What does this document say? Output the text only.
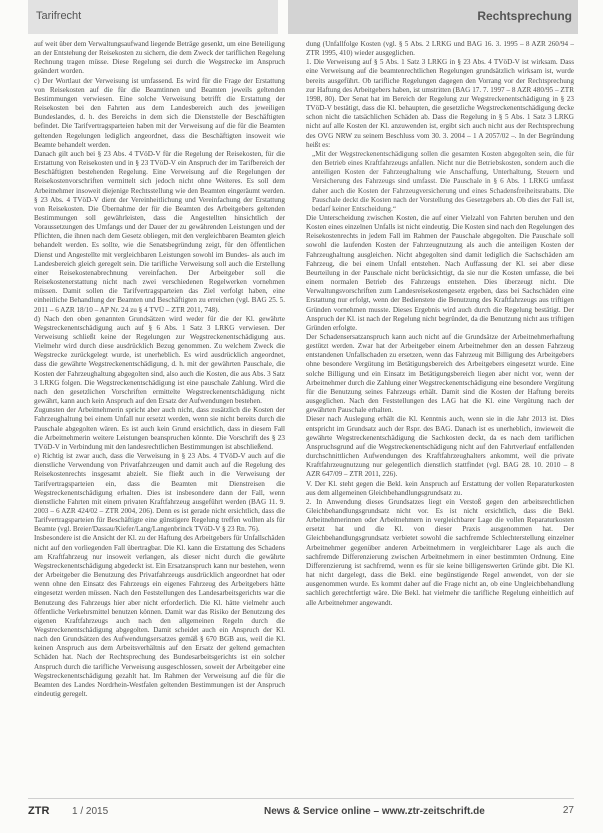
Tarifrecht	Rechtsprechung

auf weit über dem Verwaltungsaufwand liegende Beträge gesenkt, um eine Beteiligung an der Entstehung der Reisekosten zu sichern, die dem Zweck der tariflichen Regelung Rechnung tragen müsse. Diese Regelung sei durch die Wegstrecke im Anspruch geändert worden.

c) Der Wortlaut der Verweisung ist umfassend. Es wird für die Frage der Erstattung von Reisekosten auf die für die Beamtinnen und Beamten jeweils geltenden Bestimmungen verwiesen. Eine solche Verweisung betrifft die Erstattung der Reisekosten bei den Fahrten aus dem Landesbereich auch des jeweiligen Bundeslandes, d. h. des Bereichs in dem sich die Dienststelle der Beschäftigten befindet. Die Tarifvertragsparteien haben mit der Verweisung auf die für die Beamten geltenden Regelungen lediglich angeordnet, dass die Beschäftigten insoweit wie Beamte behandelt werden.

Danach gilt auch bei § 23 Abs. 4 TVöD-V für die Regelung der Reisekosten, für die Erstattung von Reisekosten und in § 23 TVöD-V ein Anspruch der im Tarifbereich der Beschäftigten bestehenden Regelung. Eine Verweisung auf die Regelungen der Reisekostenvorschriften vermittelt sich jedoch nicht ohne Weiteres. Es soll dem Arbeitnehmer insoweit diejenige Rechtsstellung wie den Beamten eingeräumt werden. § 23 Abs. 4 TVöD-V dient der Vereinheitlichung und Vereinfachung der Erstattung von Reisekosten. Die Übernahme der für die Beamten des Arbeitgebers geltenden Bestimmungen soll gewährleisten, dass die Angestellten hinsichtlich der Voraussetzungen des Umfangs und der Dauer der zu gewährenden Leistungen und der Pflichten, die ihnen nach dem Gesetz obliegen, mit den vergleichbaren Beamten gleich behandelt werden. Es sollte, wie die Senatsbegründung zeigt, für den öffentlichen Dienst und Angestellte mit vergleichbaren Leistungen sowohl im Bundes- als auch im Landesbereich gleich geregelt sein. Die tarifliche Verweisung soll auch die Erstellung einer Reisekostenabrechnung vereinfachen. Der Arbeitgeber soll die Reisekostenerstattung nicht nach zwei verschiedenen Regelwerken vornehmen müssen. Damit sollen die Tarifvertragsparteien das Ziel verfolgt haben, eine einheitliche Behandlung der Beamten und Beschäftigten zu erreichen (vgl. BAG 25. 5. 2011 – 6 AZR 18/10 – AP Nr. 24 zu § 4 TVÜ – ZTR 2011, 748).

d) Nach den oben genannten Grundsätzen wird weder für die der Kl. gewährte Wegstreckenentschädigung auch auf § 6 Abs. 1 Satz 3 LRKG verwiesen. Der Verweisung schließt keine der Regelungen zur Wegstreckenentschädigung aus. Vielmehr wird durch diese ausdrücklich Bezug genommen. Zu welchem Zweck die Wegstrecke zurückgelegt wurde, ist unerheblich. Es wird ausdrücklich angeordnet, dass die gewährte Wegstreckenentschädigung, d. h. mit der gewährten Pauschale, die Kosten der Fahrzeughaltung abgegolten sind, also auch die Kosten, die aus Abs. 3 Satz 3 LRKG folgen. Die Wegstreckenentschädigung ist eine pauschale Zahlung. Wird die nach den gesetzlichen Vorschriften ermittelte Wegstreckenentschädigung nicht gewährt, kann auch kein Anspruch auf den Ersatz der Aufwendungen bestehen.

Zugunsten der Arbeitnehmerin spricht aber auch nicht, dass zusätzlich die Kosten der Fahrzeughaltung bei einem Unfall nur ersetzt werden, wenn sie nicht bereits durch die Pauschale abgegolten wären. Es ist auch kein Grund ersichtlich, dass in diesem Fall die Arbeitnehmerin weitere Leistungen beanspruchen könnte. Die Vorschrift des § 23 TVöD-V in Verbindung mit den landesrechtlichen Bestimmungen ist abschließend.

e) Richtig ist zwar auch, dass die Verweisung in § 23 Abs. 4 TVöD-V auch auf die dienstliche Verwendung von Privatfahrzeugen und damit auch auf die Regelung des Reisekostenrechts insgesamt abzielt. Sie fließt auch in die Verweisung der Tarifvertragsparteien ein, dass die Beamten mit Dienstreisen die Wegstreckenentschädigung erhalten. Dies ist insbesondere dann der Fall, wenn dienstliche Fahrten mit einem privaten Kraftfahrzeug ausgeführt werden (BAG 11. 9. 2003 – 6 AZR 424/02 – ZTR 2004, 206). Denn es ist gerade nicht ersichtlich, dass die Tarifvertragsparteien für Beschäftigte eine günstigere Regelung treffen wollten als für Beamte (vgl. Breier/Dassau/Kiefer/Lang/Langenbrinck TVöD-V § 23 Rn. 76).

Insbesondere ist die Ansicht der Kl. zu der Haftung des Arbeitgebers für Unfallschäden nicht auf den vorliegenden Fall übertragbar. Die Kl. kann die Erstattung des Schadens am Kraftfahrzeug nur insoweit verlangen, als dieser nicht durch die gewährte Wegstreckenentschädigung abgedeckt ist. Ein Ersatzanspruch kann nur bestehen, wenn der Arbeitgeber die Benutzung des Privatfahrzeugs ausdrücklich angeordnet hat oder wenn ohne den Einsatz des Fahrzeugs ein eigenes Fahrzeug des Arbeitgebers hätte eingesetzt werden müssen. Nach den Feststellungen des Landesarbeitsgerichts war die Benutzung des Fahrzeugs hier aber nicht erforderlich. Die Kl. hätte vielmehr auch öffentliche Verkehrsmittel benutzen können. Damit war das Risiko der Benutzung des eigenen Kraftfahrzeugs auch nach den allgemeinen Regeln durch die Wegstreckenentschädigung abgegolten. Damit scheidet auch ein Anspruch der Kl. nach den Grundsätzen des Aufwendungsersatzes gemäß § 670 BGB aus, weil die Kl. keinen Anspruch aus dem Arbeitsverhältnis auf den Ersatz der geltend gemachten Schäden hat. Nach der Rechtsprechung des Bundesarbeitsgerichts ist ein solcher Anspruch durch die tarifliche Verweisung ausgeschlossen, soweit der Arbeitgeber eine Wegstreckenentschädigung gezahlt hat. Im Rahmen der Verweisung auf die für die Beamten des Landes Nordrhein-Westfalen geltenden Bestimmungen ist der Anspruch eindeutig geregelt.

dung (Unfallfolge Kosten (vgl. § 5 Abs. 2 LRKG und BAG 16. 3. 1995 – 8 AZR 260/94 – ZTR 1995, 410) wieder ausgeglichen.

1. Die Verweisung auf § 5 Abs. 1 Satz 3 LRKG in § 23 Abs. 4 TVöD-V ist wirksam. Dass eine Verweisung auf die beamtenrechtlichen Regelungen grundsätzlich wirksam ist, wurde bereits ausgeführt. Ob tarifliche Regelungen dagegen den Vorrang vor der Rechtsprechung zur Haftung des Arbeitgebers haben, ist umstritten (BAG 17. 7. 1997 – 8 AZR 480/95 – ZTR 1998, 80). Der Senat hat im Bereich der Regelung zur Wegstreckenentschädigung in § 23 TVöD-V bestätigt, dass die Kl. behaupten, die gesetzliche Wegstreckenentschädigung decke schon nicht die tatsächlichen Schäden ab. Dass die Regelung in § 5 Abs. 1 Satz 3 LRKG nicht auf alle Kosten der Kl. anzuwenden ist, ergibt sich auch nicht aus der Rechtsprechung des OVG NRW zu seinem Beschluss vom 30. 3. 2004 – 1 A 2057/02 –. In der Begründung heißt es:

„Mit der Wegstreckenentschädigung sollen die gesamten Kosten abgegolten sein, die für den Betrieb eines Kraftfahrzeugs anfallen. Nicht nur die Betriebskosten, sondern auch die anteiligen Kosten der Fahrzeughaltung wie Anschaffung, Unterhaltung, Steuern und Versicherung des Fahrzeugs sind umfasst. Die Pauschale in § 6 Abs. 1 LRKG umfasst daher auch die Kosten der Fahrzeugversicherung und eines Schadensfreiheitsrabatts. Die Pauschale deckt die Kosten nach der Vorstellung des Gesetzgebers ab. Ob dies der Fall ist, bedarf keiner Entscheidung.“

Die Unterscheidung zwischen Kosten, die auf einer Vielzahl von Fahrten beruhen und den Kosten eines einzelnen Unfalls ist nicht eindeutig. Die Kosten sind nach den Regelungen des Reisekostenrechts in jedem Fall im Rahmen der Pauschale abgegolten. Die Pauschale soll sowohl die laufenden Kosten der Fahrzeugnutzung als auch die anteiligen Kosten der Fahrzeughaltung ausgleichen. Nicht abgegolten sind damit lediglich die Sachschäden am Fahrzeug, die bei einem Unfall entstehen. Nach Auffassung der Kl. sei aber diese Beurteilung in der Pauschale nicht berücksichtigt, da sie nur die Kosten umfasse, die bei einem normalen Betrieb des Fahrzeugs entstehen. Dies überzeugt nicht. Die Verwaltungsvorschriften zum Landesreisekostengesetz ergeben, dass bei Sachschäden eine Erstattung nur erfolgt, wenn der Bedienstete die Benutzung des Kraftfahrzeugs aus triftigen Gründen vornehmen musste. Dieses Ergebnis wird auch durch die Regelung bestätigt. Der Anspruch der Kl. ist nach der Regelung nicht begründet, da die Benutzung nicht aus triftigen Gründen erfolgte.

Der Schadensersatzanspruch kann auch nicht auf die Grundsätze der Arbeitnehmerhaftung gestützt werden. Zwar hat der Arbeitgeber einem Arbeitnehmer den an dessen Fahrzeug entstandenen Unfallschaden zu ersetzen, wenn das Fahrzeug mit Billigung des Arbeitgebers ohne besondere Vergütung im Betätigungsbereich des Arbeitgebers eingesetzt wurde. Eine solche Billigung und ein Einsatz im Betätigungsbereich liegen aber nicht vor, wenn der Arbeitnehmer durch die Zahlung einer Wegstreckenentschädigung eine besondere Vergütung für die Benutzung seines Fahrzeugs erhält. Damit sind die Kosten der Haftung bereits ausgeglichen. Nach den Feststellungen des LAG hat die Kl. eine Vergütung nach der gewährten Pauschale erhalten.

Dieser nach Auslegung erhält die Kl. Kenntnis auch, wenn sie in die Jahr 2013 ist. Dies entspricht im Grundsatz auch der Rspr. des BAG. Danach ist es unerheblich, inwieweit die gewährte Wegstreckenentschädigung die Sachkosten deckt, da es nach dem tariflichen Anspruchsgrund auf die Wegstreckenentschädigung nicht auf den Fahrtverlauf entfallenden durchschnittlichen Aufwendungen des Kraftfahrzeughalters ankommt, weil die private Kraftfahrzeugnutzung nur gelegentlich dienstlich stattfindet (vgl. BAG 28. 10. 2010 – 8 AZR 647/09 – ZTR 2011, 226).

V. Der Kl. steht gegen die Bekl. kein Anspruch auf Erstattung der vollen Reparaturkosten aus dem allgemeinen Gleichbehandlungsgrundsatz zu.

2. In Anwendung dieses Grundsatzes liegt ein Verstoß gegen den arbeitsrechtlichen Gleichbehandlungsgrundsatz nicht vor. Es ist nicht ersichtlich, dass die Bekl. Arbeitnehmerinnen oder Arbeitnehmern in vergleichbarer Lage die vollen Reparaturkosten ersetzt hat und die Kl. von dieser Praxis ausgenommen hat. Der Gleichbehandlungsgrundsatz verbietet sowohl die sachfremde Schlechterstellung einzelner Arbeitnehmer gegenüber anderen Arbeitnehmern in vergleichbarer Lage als auch die sachfremde Differenzierung zwischen Arbeitnehmern in einer bestimmten Ordnung. Eine Differenzierung ist sachfremd, wenn es für sie keine billigenswerten Gründe gibt. Die Kl. hat nicht dargelegt, dass die Bekl. eine begünstigende Regel anwendet, von der sie ausgenommen wurde. Es kommt daher auf die Frage nicht an, ob eine Ungleichbehandlung sachlich gerechtfertigt wäre. Die Bekl. hat vielmehr die tarifliche Regelung einheitlich auf alle Arbeitnehmer angewandt.

ZTR 1 / 2015	News & Service online – www.ztr-zeitschrift.de	27
